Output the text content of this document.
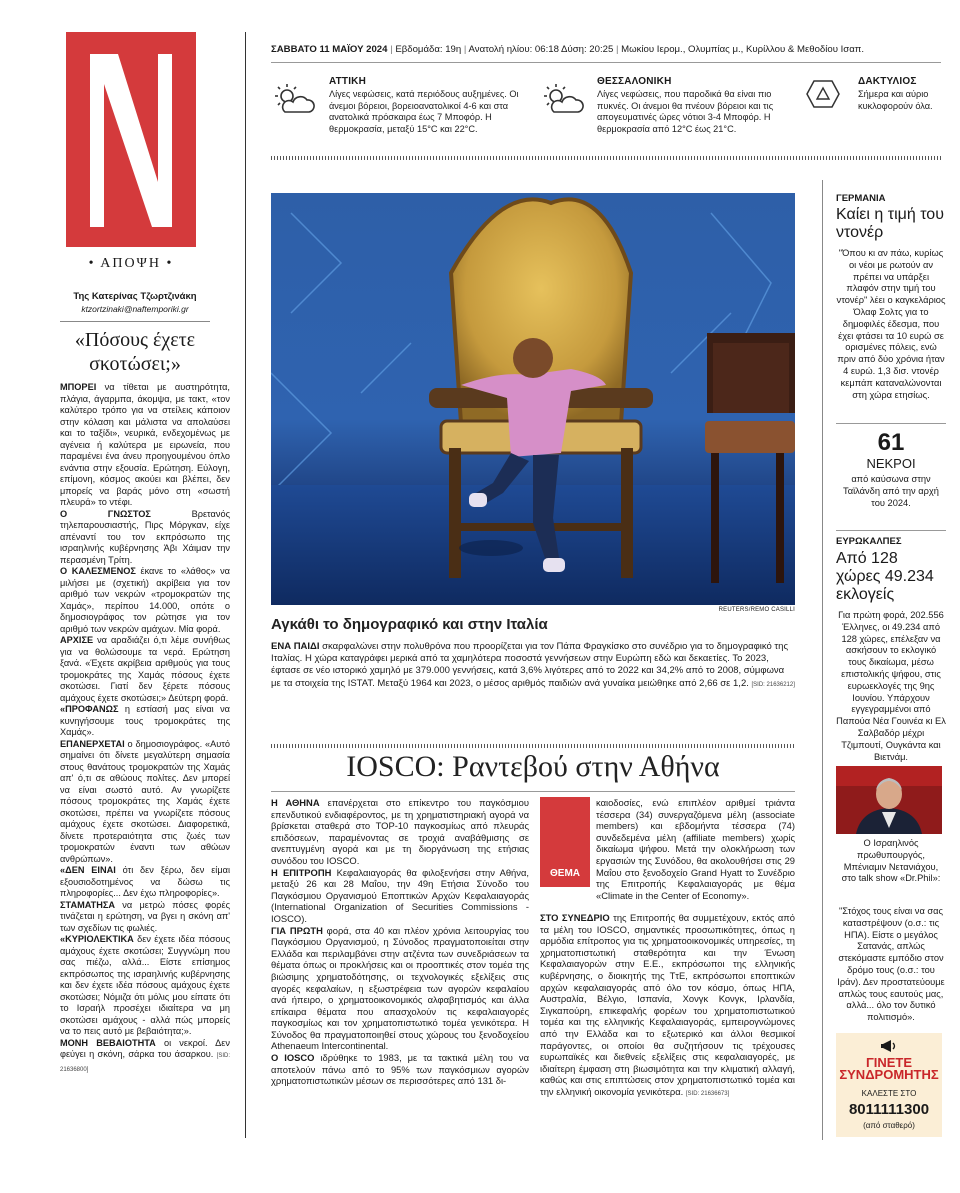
• ΑΠΟΨΗ •
Της Κατερίνας Τζωρτζινάκη
ktzortzinaki@naftemporiki.gr
«Πόσους έχετε σκοτώσει;»

ΜΠΟΡΕΙ να τίθεται με αυστηρότητα, πλάγια, άγαρμπα, άκομψα, με τακτ, «τον καλύτερο τρόπο για να στείλεις κάποιον στην κόλαση και μάλιστα να απολαύσει και το ταξίδι», νευρικά, ενδεχομένως με αγένεια ή καλύτερα με ειρωνεία, που παραμένει ένα άνευ προηγουμένου όπλο ενάντια στην εξουσία. Ερώτηση. Εύλογη, επίμονη, κόσμος ακούει και βλέπει, δεν μπορείς να βαράς μόνο στη «σωστή πλευρά» το ντέφι.

Ο ΓΝΩΣΤΟΣ Βρετανός τηλεπαρουσιαστής, Πιρς Μόργκαν, είχε απέναντί του τον εκπρόσωπο της ισραηλινής κυβέρνησης Άβι Χάιμαν την περασμένη Τρίτη.

Ο ΚΑΛΕΣΜΕΝΟΣ έκανε το «λάθος» να μιλήσει με (σχετική) ακρίβεια για τον αριθμό των νεκρών «τρομοκρατών της Χαμάς», περίπου 14.000, οπότε ο δημοσιογράφος τον ρώτησε για τον αριθμό των νεκρών αμάχων. Μία φορά.

ΑΡΧΙΣΕ να αραδιάζει ό,τι λέμε συνήθως για να θολώσουμε τα νερά. Ερώτηση ξανά. «Έχετε ακρίβεια αριθμούς για τους τρομοκράτες της Χαμάς πόσους έχετε σκοτώσει. Γιατί δεν ξέρετε πόσους αμάχους έχετε σκοτώσει;» Δεύτερη φορά.

«ΠΡΟΦΑΝΩΣ η εστίασή μας είναι να κυνηγήσουμε τους τρομοκράτες της Χαμάς».

ΕΠΑΝΕΡΧΕΤΑΙ ο δημοσιογράφος. «Αυτό σημαίνει ότι δίνετε μεγαλύτερη σημασία στους θανάτους τρομοκρατών της Χαμάς απ' ό,τι σε αθώους πολίτες. Δεν μπορεί να είναι σωστό αυτό. Αν γνωρίζετε πόσους τρομοκράτες της Χαμάς έχετε σκοτώσει, πρέπει να γνωρίζετε πόσους αμάχους έχετε σκοτώσει. Διαφορετικά, δίνετε προτεραιότητα στις ζωές των τρομοκρατών έναντι των αθώων ανθρώπων».

«ΔΕΝ ΕΙΝΑΙ ότι δεν ξέρω, δεν είμαι εξουσιοδοτημένος να δώσω τις πληροφορίες... Δεν έχω πληροφορίες».

ΣΤΑΜΑΤΗΣΑ να μετρώ πόσες φορές τινάζεται η ερώτηση, να βγει η σκόνη απ' των σχεδίων τις φωλιές.

«ΚΥΡΙΟΛΕΚΤΙΚΑ δεν έχετε ιδέα πόσους αμάχους έχετε σκοτώσει; Συγγνώμη που σας πιέζω, αλλά... Είστε επίσημος εκπρόσωπος της ισραηλινής κυβέρνησης και δεν έχετε ιδέα πόσους αμάχους έχετε σκοτώσει; Νόμιζα ότι μόλις μου είπατε ότι το Ισραήλ προσέχει ιδιαίτερα να μη σκοτώσει αμάχους - αλλά πώς μπορείς να το πεις αυτό με βεβαιότητα;».

ΜΟΝΗ ΒΕΒΑΙΟΤΗΤΑ οι νεκροί. Δεν φεύγει η σκόνη, σάρκα του άσαρκου. [SID: 21636800]

ΣΑΒΒΑΤΟ 11 ΜΑΪΟΥ 2024 | Εβδομάδα: 19η | Ανατολή ηλίου: 06:18 Δύση: 20:25 | Μωκίου Ιερομ., Ολυμπίας μ., Κυρίλλου & Μεθοδίου Ισαπ.
ΑΤΤΙΚΗ
Λίγες νεφώσεις, κατά περιόδους αυξημένες. Οι άνεμοι βόρειοι, βορειοανατολικοί 4-6 και στα ανατολικά πρόσκαιρα έως 7 Μποφόρ. Η θερμοκρασία, μεταξύ 15°C και 22°C.
ΘΕΣΣΑΛΟΝΙΚΗ
Λίγες νεφώσεις, που παροδικά θα είναι πιο πυκνές. Οι άνεμοι θα πνέουν βόρειοι και τις απογευματινές ώρες νότιοι 3-4 Μποφόρ. Η θερμοκρασία από 12°C έως 21°C.
ΔΑΚΤΥΛΙΟΣ
Σήμερα και αύριο κυκλοφορούν όλα.
REUTERS/REMO CASILLI
Αγκάθι το δημογραφικό και στην Ιταλία
ΕΝΑ ΠΑΙΔΙ σκαρφαλώνει στην πολυθρόνα που προορίζεται για τον Πάπα Φραγκίσκο στο συνέδριο για το δημογραφικό της Ιταλίας. Η χώρα καταγράφει μερικά από τα χαμηλότερα ποσοστά γεννήσεων στην Ευρώπη εδώ και δεκαετίες. Το 2023, έφτασε σε νέο ιστορικό χαμηλό με 379.000 γεννήσεις, κατά 3,6% λιγότερες από το 2022 και 34,2% από το 2008, σύμφωνα με τα στοιχεία της ISTAT. Μεταξύ 1964 και 2023, ο μέσος αριθμός παιδιών ανά γυναίκα μειώθηκε από 2,66 σε 1,2. [SID: 21636212]
IOSCO: Ραντεβού στην Αθήνα

Η ΑΘΗΝΑ επανέρχεται στο επίκεντρο του παγκόσμιου επενδυτικού ενδιαφέροντος, με τη χρηματιστηριακή αγορά να βρίσκεται σταθερά στο TOP-10 παγκοσμίως από πλευράς επιδόσεων, παραμένοντας σε τροχιά αναβάθμισης σε ανεπτυγμένη αγορά και με τη διοργάνωση της ετήσιας συνόδου του IOSCO.

Η ΕΠΙΤΡΟΠΗ Κεφαλαιαγοράς θα φιλοξενήσει στην Αθήνα, μεταξύ 26 και 28 Μαΐου, την 49η Ετήσια Σύνοδο του Παγκόσμιου Οργανισμού Εποπτικών Αρχών Κεφαλαιαγοράς (International Organization of Securities Commissions - IOSCO).

ΓΙΑ ΠΡΩΤΗ φορά, στα 40 και πλέον χρόνια λειτουργίας του Παγκόσμιου Οργανισμού, η Σύνοδος πραγματοποιείται στην Ελλάδα και περιλαμβάνει στην ατζέντα των συνεδριάσεων τα θέματα όπως οι προκλήσεις και οι προοπτικές στον τομέα της βιώσιμης χρηματοδότησης, οι τεχνολογικές εξελίξεις στις αγορές κεφαλαίων, η εξωστρέφεια των αγορών κεφαλαίου ανά ήπειρο, ο χρηματοοικονομικός αλφαβητισμός και άλλα επίκαιρα θέματα που απασχολούν τις κεφαλαιαγορές παγκοσμίως και τον χρηματοπιστωτικό τομέα γενικότερα. Η Σύνοδος θα πραγματοποιηθεί στους χώρους του ξενοδοχείου Athenaeum Intercontinental.

Ο IOSCO ιδρύθηκε το 1983, με τα τακτικά μέλη του να αποτελούν πάνω από το 95% των παγκόσμιων αγορών χρηματοπιστωτικών μέσων σε περισσότερες από 131 δι-

ΘΕΜΑ
καιοδοσίες, ενώ επιπλέον αριθμεί τριάντα τέσσερα (34) συνεργαζόμενα μέλη (associate members) και εβδομήντα τέσσερα (74) συνδεδεμένα μέλη (affiliate members) χωρίς δικαίωμα ψήφου. Μετά την ολοκλήρωση των εργασιών της Συνόδου, θα ακολουθήσει στις 29 Μαΐου στο ξενοδοχείο Grand Hyatt το Συνέδριο της Επιτροπής Κεφαλαιαγοράς με θέμα «Climate in the Center of Economy».

ΣΤΟ ΣΥΝΕΔΡΙΟ της Επιτροπής θα συμμετέχουν, εκτός από τα μέλη του IOSCO, σημαντικές προσωπικότητες, όπως η αρμόδια επίτροπος για τις χρηματοοικονομικές υπηρεσίες, τη χρηματοπιστωτική σταθερότητα και την Ένωση Κεφαλαιαγορών στην Ε.Ε., εκπρόσωποι της ελληνικής κυβέρνησης, ο διοικητής της ΤτΕ, εκπρόσωποι εποπτικών αρχών κεφαλαιαγοράς από όλο τον κόσμο, όπως ΗΠΑ, Αυστραλία, Βέλγιο, Ισπανία, Χονγκ Κονγκ, Ιρλανδία, Σιγκαπούρη, επικεφαλής φορέων του χρηματοπιστωτικού τομέα και της ελληνικής Κεφαλαιαγοράς, εμπειρογνώμονες από την Ελλάδα και το εξωτερικό και άλλοι θεσμικοί παράγοντες, οι οποίοι θα συζητήσουν τις τρέχουσες ευρωπαϊκές και διεθνείς εξελίξεις στις κεφαλαιαγορές, με ιδιαίτερη έμφαση στη βιωσιμότητα και την κλιματική αλλαγή, καθώς και στις επιπτώσεις στον χρηματοπιστωτικό τομέα και την ελληνική οικονομία γενικότερα. [SID: 21636673]

ΓΕΡΜΑΝΙΑ
Καίει η τιμή του ντονέρ
"Όπου κι αν πάω, κυρίως οι νέοι με ρωτούν αν πρέπει να υπάρξει πλαφόν στην τιμή του ντονέρ" λέει ο καγκελάριος Όλαφ Σολτς για το δημοφιλές έδεσμα, που έχει φτάσει τα 10 ευρώ σε ορισμένες πόλεις, ενώ πριν από δύο χρόνια ήταν 4 ευρώ. 1,3 δισ. ντονέρ κεμπάπ καταναλώνονται στη χώρα ετησίως.
61
ΝΕΚΡΟΙ
από καύσωνα στην Ταϊλάνδη από την αρχή του 2024.
ΕΥΡΩΚΑΛΠΕΣ
Από 128 χώρες 49.234 εκλογείς
Για πρώτη φορά, 202.556 Έλληνες, οι 49.234 από 128 χώρες, επέλεξαν να ασκήσουν το εκλογικό τους δικαίωμα, μέσω επιστολικής ψήφου, στις ευρωεκλογές της 9ης Ιουνίου. Υπάρχουν εγγεγραμμένοι από Παπούα Νέα Γουινέα κι Ελ Σαλβαδόρ μέχρι Τζιμπουτί, Ουγκάντα και Βιετνάμ.
Ο Ισραηλινός πρωθυπουργός, Μπένιαμιν Νετανιάχου, στο talk show «Dr.Phil»:
"Στόχος τους είναι να σας καταστρέψουν (ο.σ.: τις ΗΠΑ). Είστε ο μεγάλος Σατανάς, απλώς στεκόμαστε εμπόδιο στον δρόμο τους (ο.σ.: του Ιράν). Δεν προστατεύουμε απλώς τους εαυτούς μας, αλλά... όλο τον δυτικό πολιτισμό».
ΓΙΝΕΤΕ
ΣΥΝΔΡΟΜΗΤΗΣ
ΚΑΛΕΣΤΕ ΣΤΟ
8011111300
(από σταθερό)
